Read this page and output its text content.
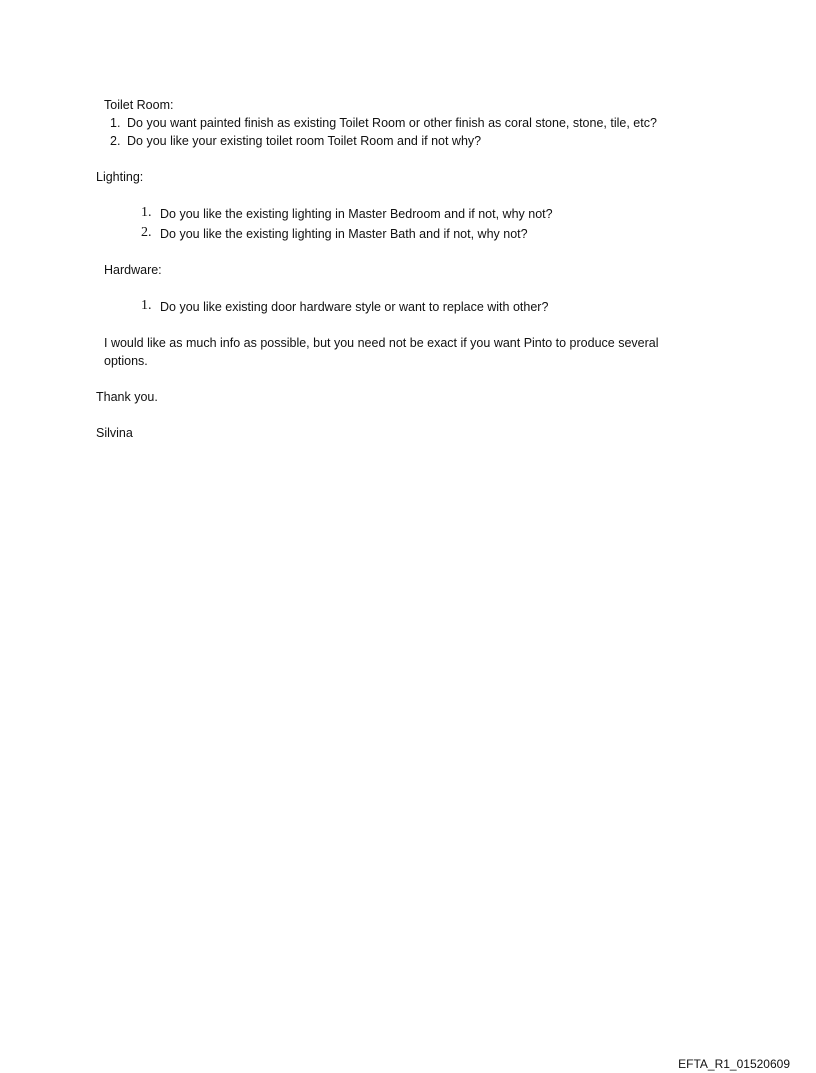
Toilet Room:
1. Do you want painted finish as existing Toilet Room or other finish as coral stone, stone, tile, etc?
2. Do you like your existing toilet room Toilet Room and if not why?
Lighting:
1. Do you like the existing lighting in Master Bedroom and if not, why not?
2. Do you like the existing lighting in Master Bath and if not, why not?
Hardware:
1. Do you like existing door hardware style or want to replace with other?
I would like as much info as possible, but you need not be exact if you want Pinto to produce several
options.
Thank you.
Silvina
EFTA_R1_01520609
